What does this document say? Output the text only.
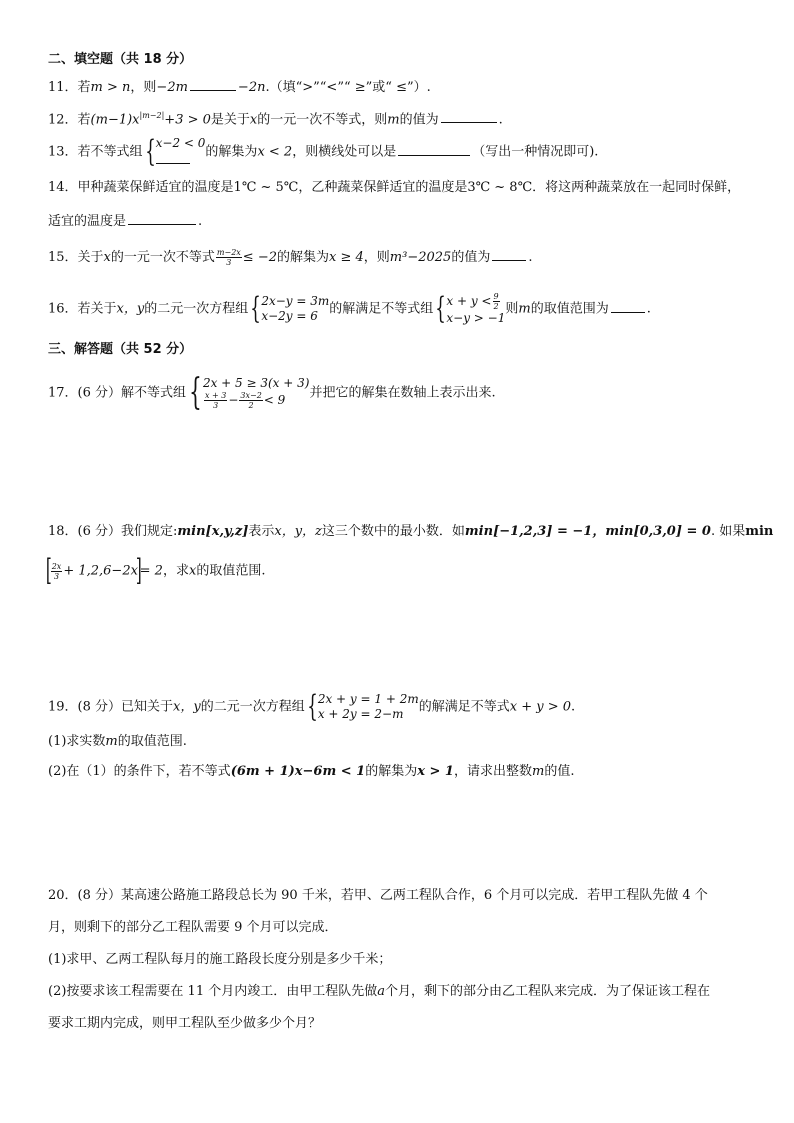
二、填空题（共 18 分）
11．若m > n，则−2m	−2n.（填“>”“<”“ ≥”或“ ≤”）.
12．若$(m-1)x^{|m-2|}+3 > 0$是关于x的一元一次不等式，则m的值为	.
13．若不等式组{ x−2 < 0
的解集为x < 2，则横线处可以是	（写出一种情况即可).
14．甲种蔬菜保鲜适宜的温度是1℃ ~ 5℃，乙种蔬菜保鲜适宜的温度是3℃ ~ 8℃．将这两种蔬菜放在一起同时保鲜，
适宜的温度是	.
15．关于x的一元一次不等式 $\frac{m-2x}{3} \le -2$的解集为x ≥ 4，则m³−2025的值为	.
16．若关于x，y的二元一次方程组{ 2x−y = 3m
x−2y = 6 的解满足不等式组{ $x + y < \frac{9}{2}$
x−y > −1
则m的取值范围为	.
三、解答题（共 52 分）
17．(6 分）解不等式组{ 2x + 5 ≥ 3(x + 3)
$\frac{x + 3}{3} - \frac{3x-2}{2} < 9$	并把它的解集在数轴上表示出来.
18．(6 分）我们规定:min[x,y,z]表示x，y，z这三个数中的最小数．如min[−1,2,3] = −1，min[0,3,0] = 0. 如果min
[
$\frac{2x}{3} + 1,2,6-2x]= 2$，求x的取值范围.
19．(8 分）已知关于x，y的二元一次方程组{ 2x + y = 1 + 2m
x + 2y = 2−m	的解满足不等式x + y > 0.
(1)求实数m的取值范围.
(2)在（1）的条件下，若不等式(6m + 1)x−6m < 1的解集为x > 1，请求出整数m的值.
20．(8 分）某高速公路施工路段总长为 90 千米，若甲、乙两工程队合作，6 个月可以完成．若甲工程队先做 4 个
月，则剩下的部分乙工程队需要 9 个月可以完成．
(1)求甲、乙两工程队每月的施工路段长度分别是多少千米；
(2)按要求该工程需要在 11 个月内竣工．由甲工程队先做a个月，剩下的部分由乙工程队来完成．为了保证该工程在
要求工期内完成，则甲工程队至少做多少个月？
